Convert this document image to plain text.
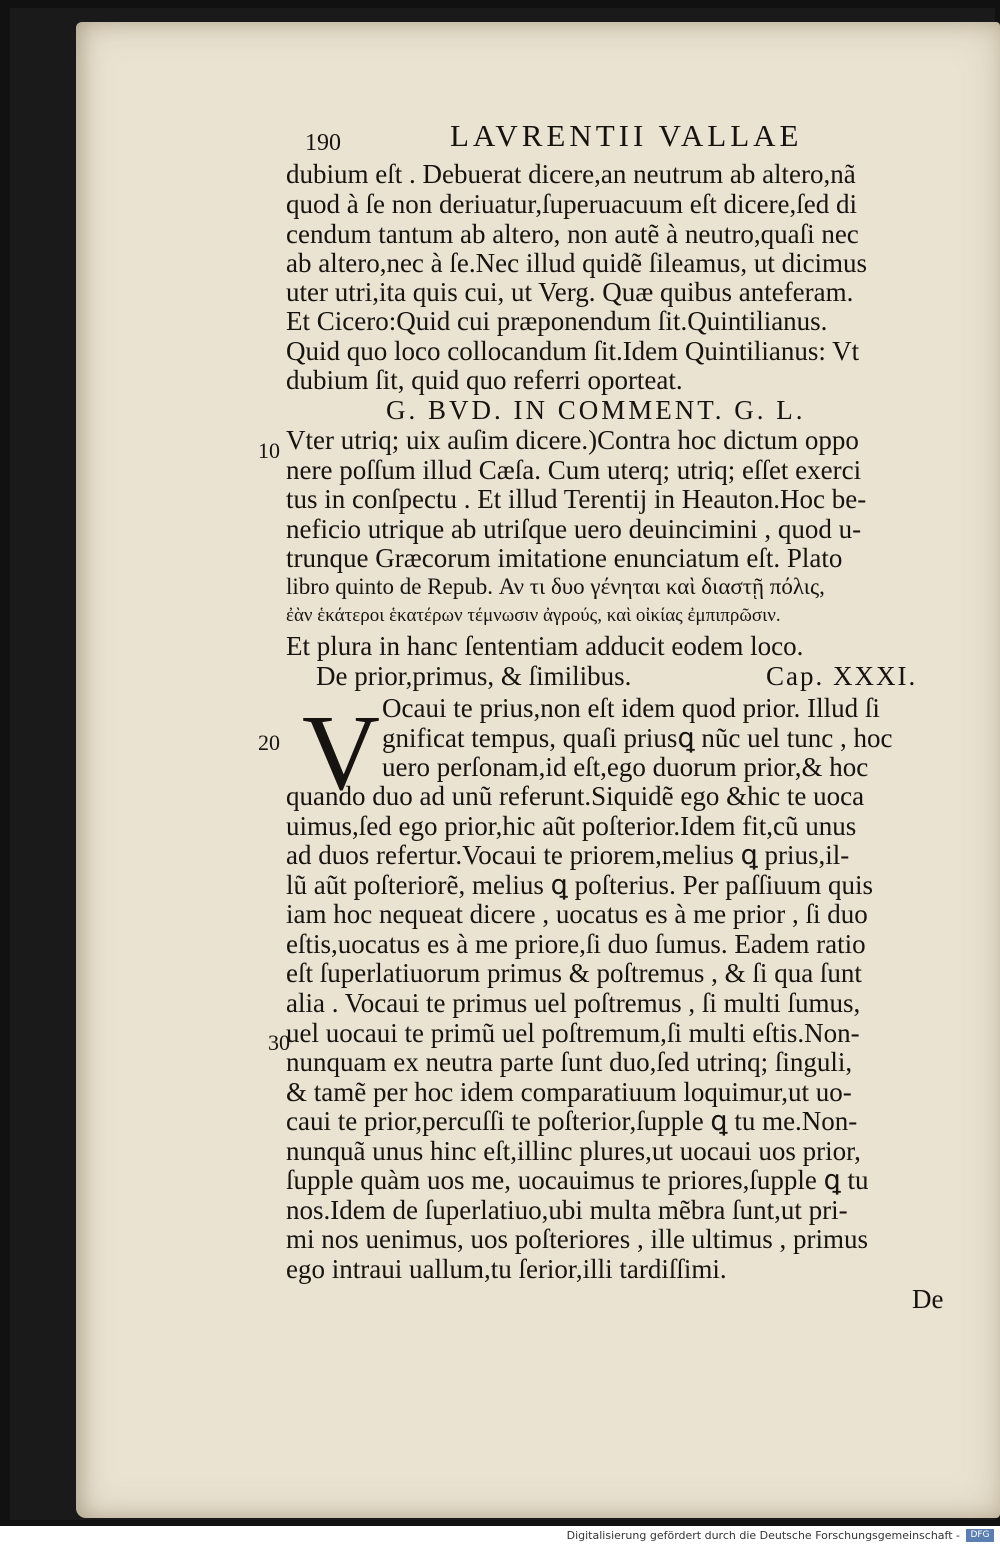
190	LAVRENTII VALLAE
dubium eſt . Debuerat dicere,an neutrum ab altero,nã
quod à ſe non deriuatur,ſuperuacuum eſt dicere,ſed di
cendum tantum ab altero, non autẽ à neutro,quaſi nec
ab altero,nec à ſe.Nec illud quidẽ ſileamus, ut dicimus
uter utri,ita quis cui, ut Verg. Quæ quibus anteferam.
Et Cicero:Quid cui præponendum ſit.Quintilianus.
Quid quo loco collocandum ſit.Idem Quintilianus: Vt
dubium ſit, quid quo referri oporteat.
G. BVD. IN COMMENT. G. L.
Vter utriq; uix auſim dicere.)Contra hoc dictum oppo
nere poſſum illud Cæſa. Cum uterq; utriq; eſſet exerci
tus in conſpectu . Et illud Terentij in Heauton.Hoc be-
neficio utrique ab utriſque uero deuincimini , quod u-
trunque Græcorum imitatione enunciatum eſt. Plato
libro quinto de Repub. Αν τι δυο γένηται καὶ διαστῇ πόλις,
ἐὰν ἑκάτεροι ἑκατέρων τέμνωσιν ἀγρούς, καὶ οἰκίας ἐμπιπρῶσιν.
Et plura in hanc ſententiam adducit eodem loco.
De prior,primus, & ſimilibus.	Cap. XXXI.
Ocaui te prius,non eſt idem quod prior. Illud ſi
gnificat tempus, quaſi priusꝗ nũc uel tunc , hoc
uero perſonam,id eſt,ego duorum prior,& hoc
quando duo ad unũ referunt.Siquidẽ ego &hic te uoca
uimus,ſed ego prior,hic aũt poſterior.Idem fit,cũ unus
ad duos refertur.Vocaui te priorem,melius ꝗ prius,il-
lũ aũt poſteriorẽ, melius ꝗ poſterius. Per paſſiuum quis
iam hoc nequeat dicere , uocatus es à me prior , ſi duo
eſtis,uocatus es à me priore,ſi duo ſumus. Eadem ratio
eſt ſuperlatiuorum primus & poſtremus , & ſi qua ſunt
alia . Vocaui te primus uel poſtremus , ſi multi ſumus,
uel uocaui te primũ uel poſtremum,ſi multi eſtis.Non-
nunquam ex neutra parte ſunt duo,ſed utrinq; ſinguli,
& tamẽ per hoc idem comparatiuum loquimur,ut uo-
caui te prior,percuſſi te poſterior,ſupple ꝗ tu me.Non-
nunquã unus hinc eſt,illinc plures,ut uocaui uos prior,
ſupple quàm uos me, uocauimus te priores,ſupple ꝗ tu
nos.Idem de ſuperlatiuo,ubi multa mẽbra ſunt,ut pri-
mi nos uenimus, uos poſteriores , ille ultimus , primus
ego intraui uallum,tu ſerior,illi tardiſſimi.
V
10
20
30
De
Digitalisierung gefördert durch die Deutsche Forschungsgemeinschaft -	DFG
